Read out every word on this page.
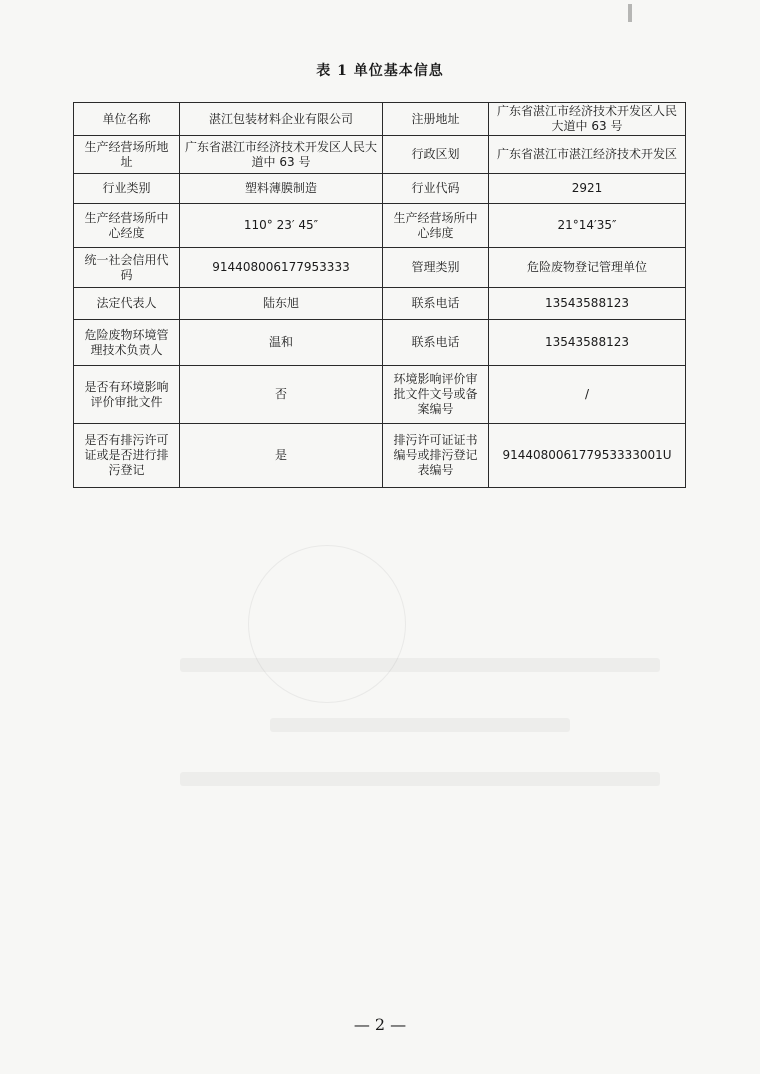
表 1 单位基本信息
单位名称	湛江包装材料企业有限公司	注册地址	广东省湛江市经济技术开发区人民大道中 63 号
生产经营场所地址	广东省湛江市经济技术开发区人民大道中 63 号	行政区划	广东省湛江市湛江经济技术开发区
行业类别	塑料薄膜制造	行业代码	2921
生产经营场所中心经度	110° 23′ 45″	生产经营场所中心纬度	21°14′35″
统一社会信用代码	914408006177953333	管理类别	危险废物登记管理单位
法定代表人	陆东旭	联系电话	13543588123
危险废物环境管理技术负责人	温和	联系电话	13543588123
是否有环境影响评价审批文件	否	环境影响评价审批文件文号或备案编号	/
是否有排污许可证或是否进行排污登记	是	排污许可证证书编号或排污登记表编号	914408006177953333001U
— 2 —
